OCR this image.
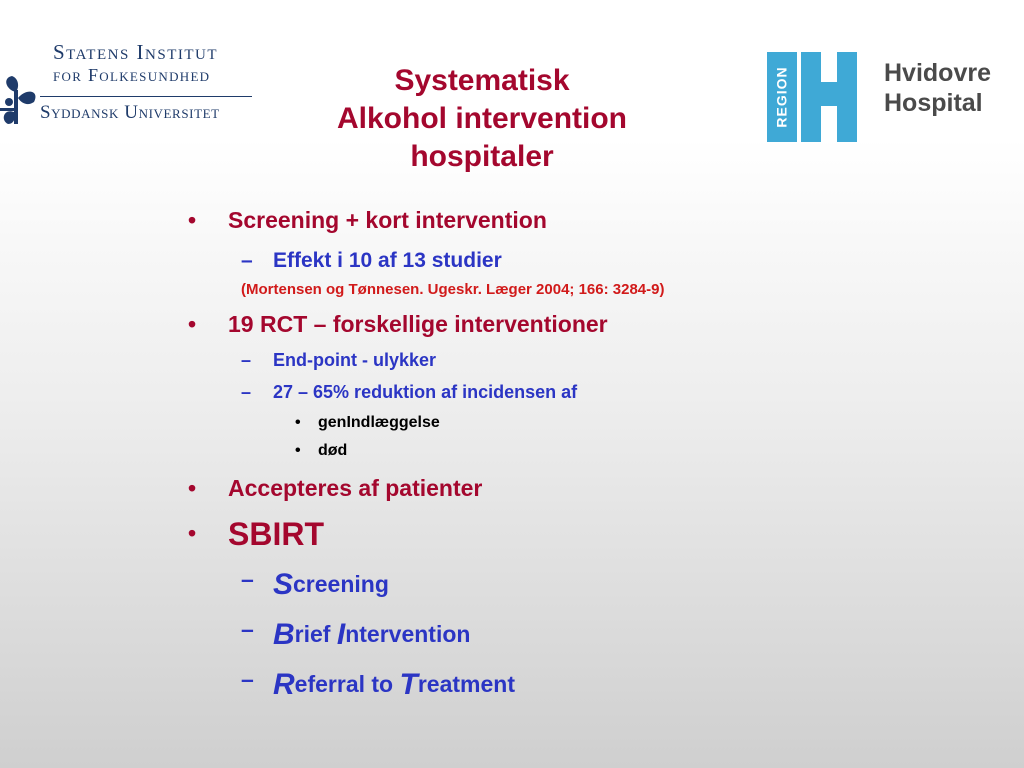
Statens Institut
for Folkesundhed
Syddansk Universitet	REGION	Hvidovre
Hospital
Systematisk
Alkohol intervention
hospitaler
• Screening + kort intervention
– Effekt i 10 af 13 studier
(Mortensen og Tønnesen. Ugeskr. Læger 2004; 166: 3284-9)
• 19 RCT – forskellige interventioner
– End-point - ulykker
– 27 – 65% reduktion af incidensen af
• genIndlæggelse
• død
• Accepteres af patienter
• SBIRT
– Screening
– Brief Intervention
– Referral to Treatment
